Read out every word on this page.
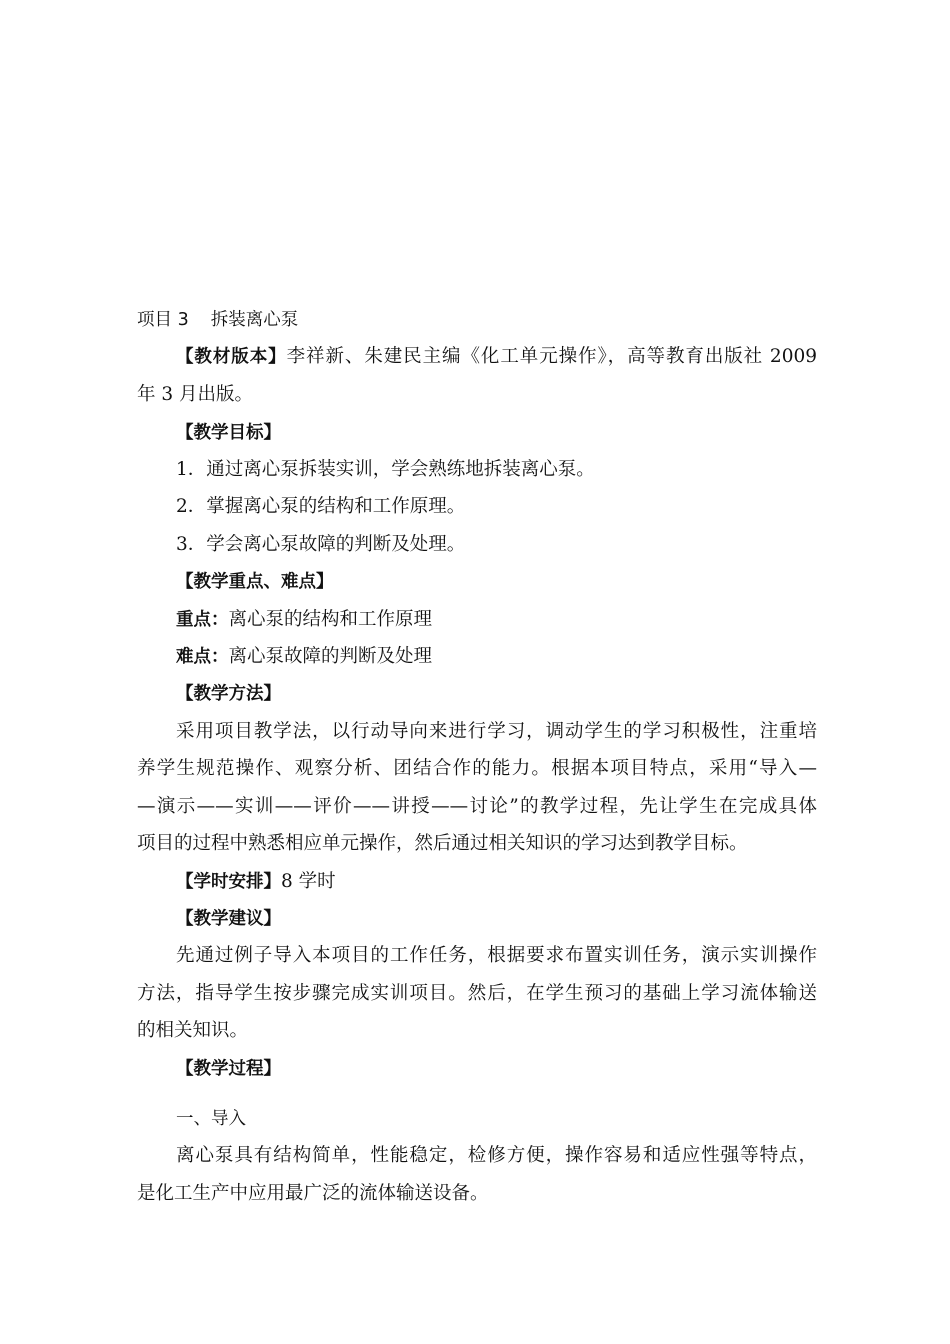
项目 3 拆装离心泵
【教材版本】李祥新、朱建民主编《化工单元操作》，高等教育出版社 2009
年 3 月出版。
【教学目标】
1．通过离心泵拆装实训，学会熟练地拆装离心泵。
2．掌握离心泵的结构和工作原理。
3．学会离心泵故障的判断及处理。
【教学重点、难点】
重点：离心泵的结构和工作原理
难点：离心泵故障的判断及处理
【教学方法】
采用项目教学法，以行动导向来进行学习，调动学生的学习积极性，注重培
养学生规范操作、观察分析、团结合作的能力。根据本项目特点，采用“导入—
—演示——实训——评价——讲授——讨论”的教学过程，先让学生在完成具体
项目的过程中熟悉相应单元操作，然后通过相关知识的学习达到教学目标。
【学时安排】8 学时
【教学建议】
先通过例子导入本项目的工作任务，根据要求布置实训任务，演示实训操作
方法，指导学生按步骤完成实训项目。然后，在学生预习的基础上学习流体输送
的相关知识。
【教学过程】
一、导入
离心泵具有结构简单，性能稳定，检修方便，操作容易和适应性强等特点，
是化工生产中应用最广泛的流体输送设备。
